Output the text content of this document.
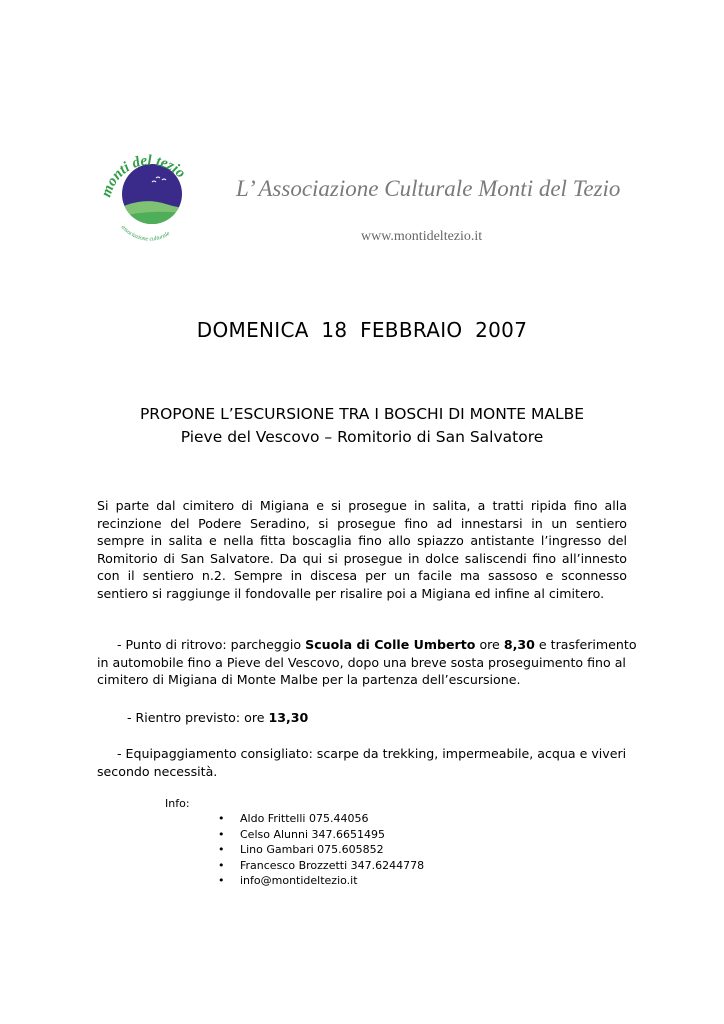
monti del tezio
associazione culturale
L’ Associazione Culturale Monti del Tezio
www.montideltezio.it
DOMENICA 18 FEBBRAIO 2007
PROPONE L’ESCURSIONE TRA I BOSCHI DI MONTE MALBE
Pieve del Vescovo – Romitorio di San Salvatore
Si parte dal cimitero di Migiana e si prosegue in salita, a tratti ripida fino alla recinzione del Podere Seradino, si prosegue fino ad innestarsi in un sentiero sempre in salita e nella fitta boscaglia fino allo spiazzo antistante l’ingresso del Romitorio di San Salvatore. Da qui si prosegue in dolce saliscendi fino all’innesto con il sentiero n.2. Sempre in discesa per un facile ma sassoso e sconnesso sentiero si raggiunge il fondovalle per risalire poi a Migiana ed infine al cimitero.
- Punto di ritrovo: parcheggio Scuola di Colle Umberto ore 8,30 e trasferimento in automobile fino a Pieve del Vescovo, dopo una breve sosta proseguimento fino al cimitero di Migiana di Monte Malbe per la partenza dell’escursione.
- Rientro previsto: ore 13,30
- Equipaggiamento consigliato: scarpe da trekking, impermeabile, acqua e viveri secondo necessità.
Info:
• Aldo Frittelli 075.44056
• Celso Alunni 347.6651495
• Lino Gambari 075.605852
• Francesco Brozzetti 347.6244778
• info@montideltezio.it
